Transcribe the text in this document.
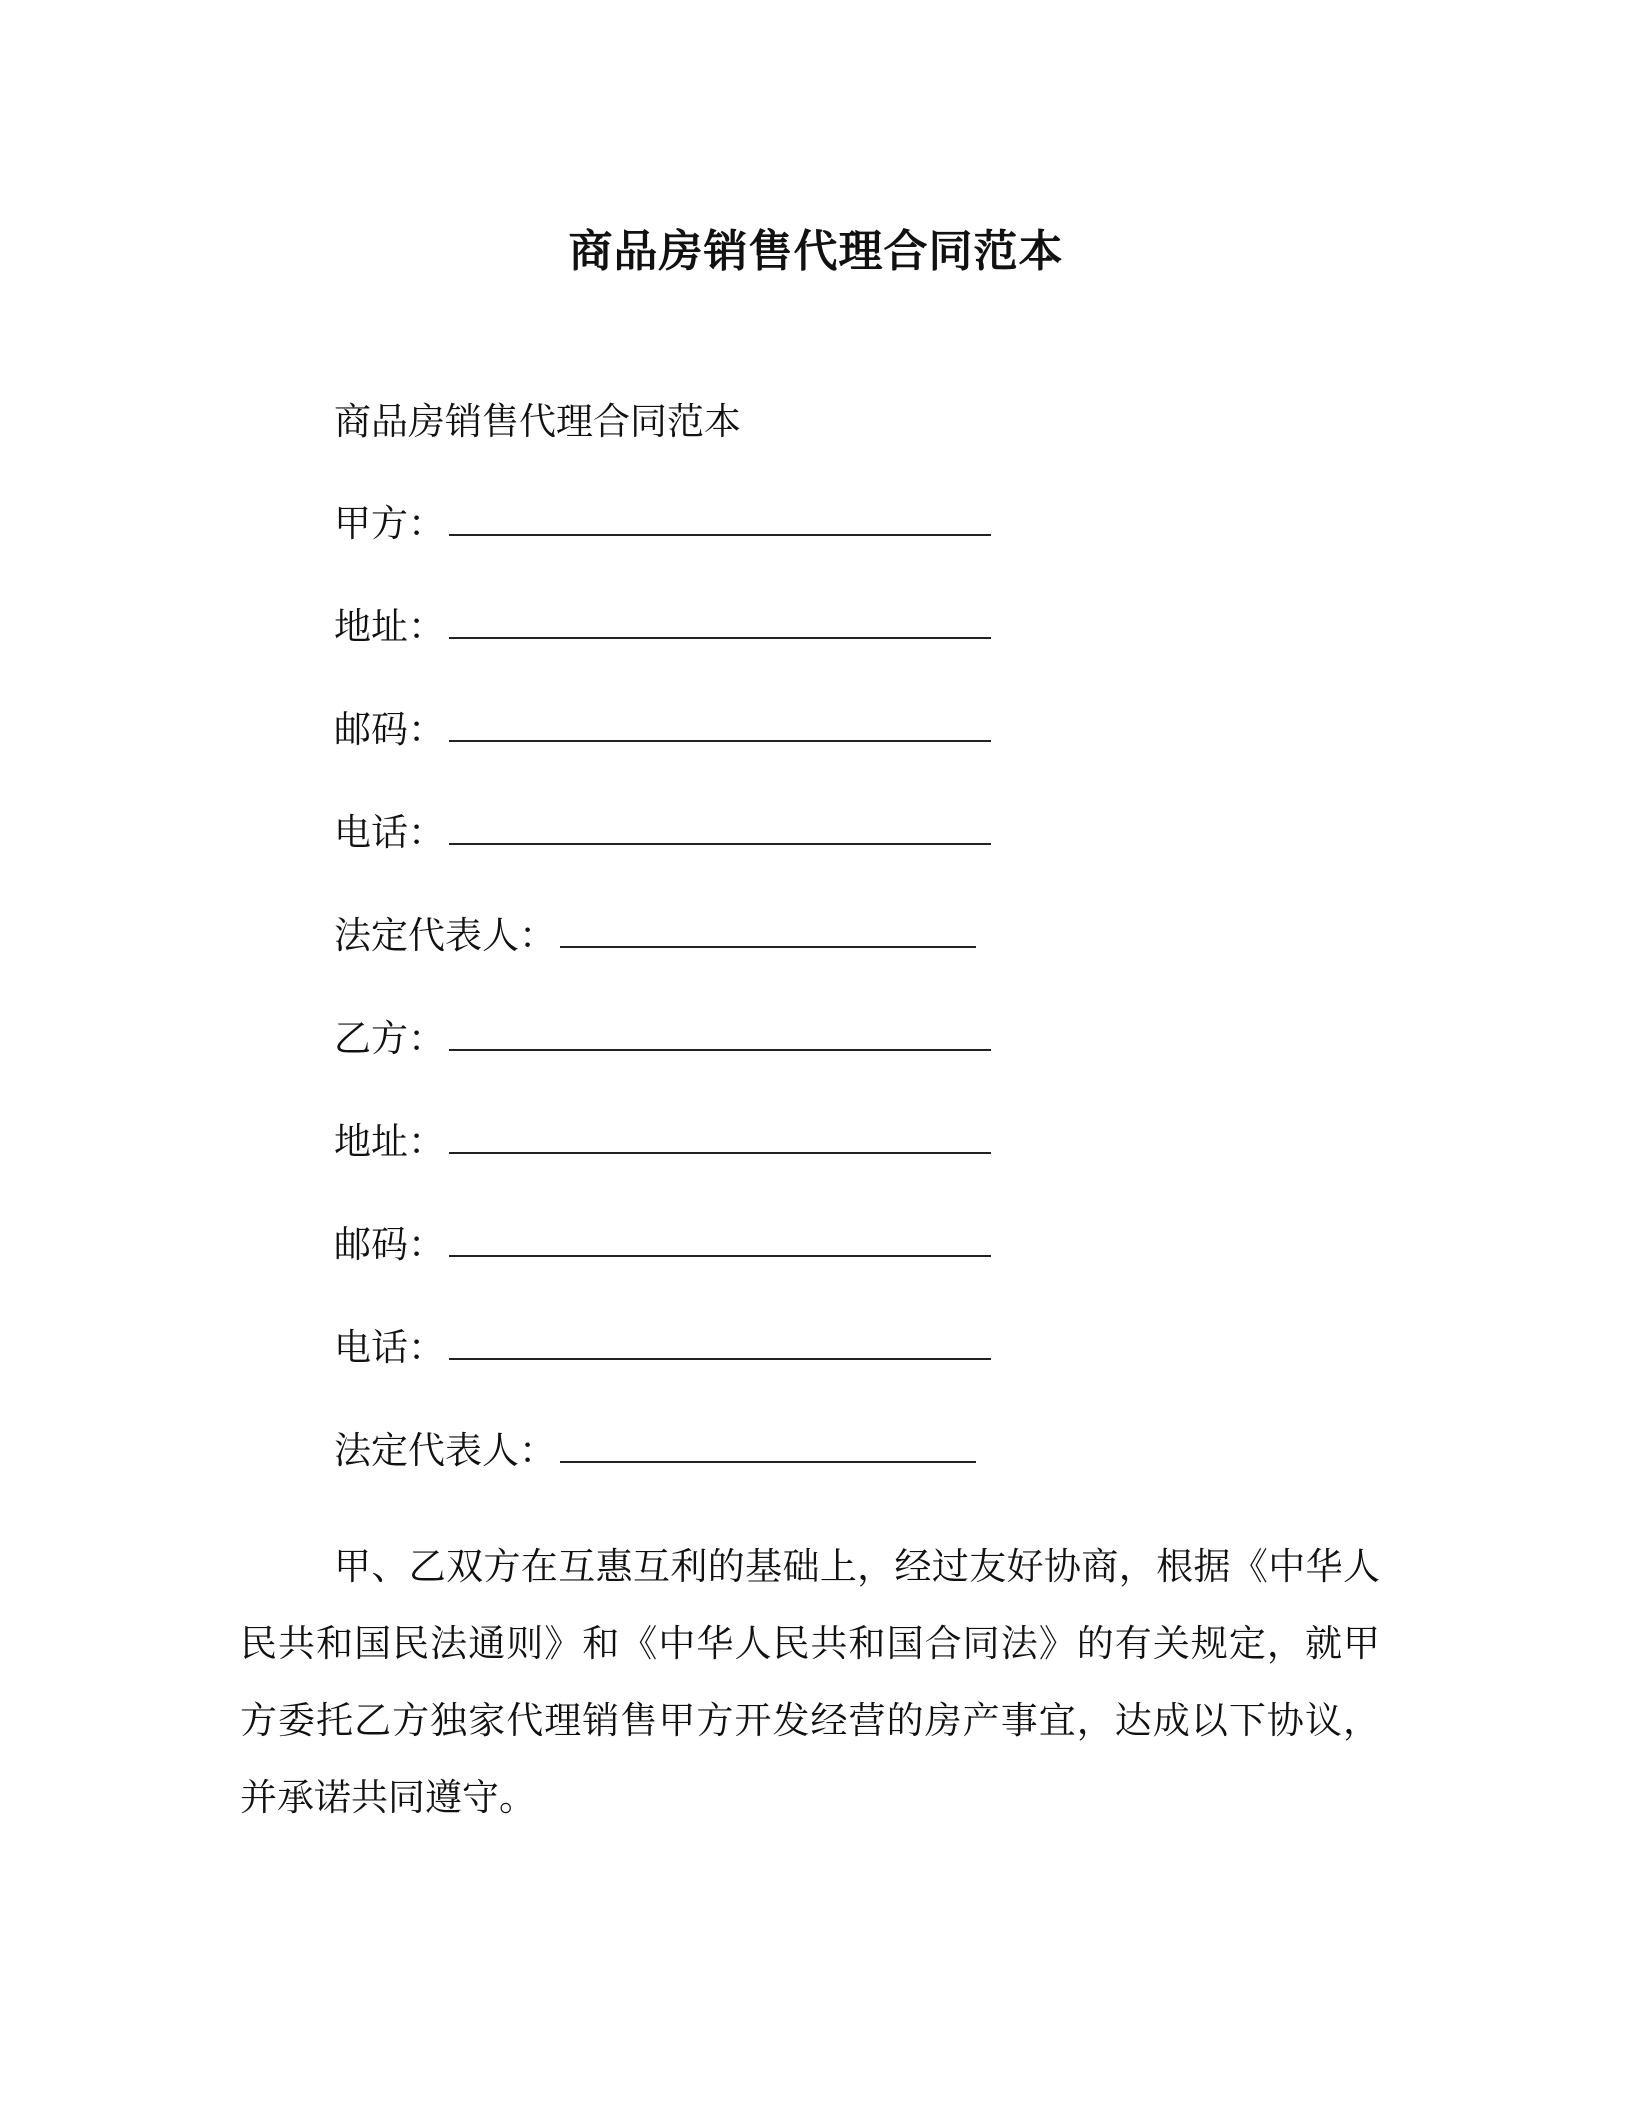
商品房销售代理合同范本
商品房销售代理合同范本
甲方：
地址：
邮码：
电话：
法定代表人：
乙方：
地址：
邮码：
电话：
法定代表人：
甲、乙双方在互惠互利的基础上，经过友好协商，根据《中华人民共和国民法通则》和《中华人民共和国合同法》的有关规定，就甲方委托乙方独家代理销售甲方开发经营的房产事宜，达成以下协议，并承诺共同遵守。
